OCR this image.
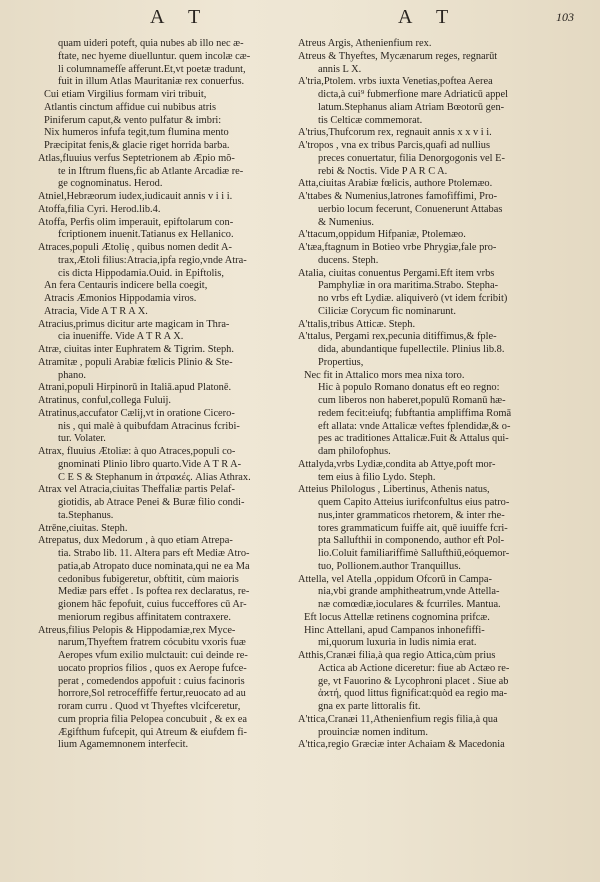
A T	A T	103
quam uideri poteft, quia nubes ab illo nec æ-
ftate, nec hyeme diuelluntur. quem incolæ cæ-
li columnamefſe afferunt.Et,vt poetæ tradunt,
fuit in illum Atlas Mauritaniæ rex conuerfus.
Cui etiam Virgilius formam viri tribuit,
Atlantis cinctum affidue cui nubibus atris
Piniferum caput,& vento pulfatur & imbri:
Nix humeros infufa tegit,tum flumina mento
Præcipitat fenis,& glacie riget horrida barba.
Atlas,fluuius verfus Septetrionem ab Æpio mõ-
te in Iftrum fluens,fic ab Atlante Arcadiæ re-
ge cognominatus. Herod.
Atniel,Hebræorum iudex,iudicauit annis v i i i.
Atoffa,filia Cyri. Herod.lib.4.
Atoffa, Perfis olim imperauit, epiftolarum con-
fcriptionem inuenit.Tatianus ex Hellanico.
Atraces,populi Ætolię , quibus nomen dedit A-
trax,Ætoli filius:Atracia,ipfa regio,vnde Atra-
cis dicta Hippodamia.Ouid. in Epiftolis,
An fera Centauris indicere bella coegit,
Atracis Æmonios Hippodamia viros.
Atracia, Vide A T R A X.
Atracius,primus dicitur arte magicam in Thra-
cia inueniffe. Vide A T R A X.
Atræ, ciuitas inter Euphratem & Tigrim. Steph.
Atramitæ , populi Arabiæ fœlicis Plinio & Ste-
phano.
Atrani,populi Hirpinorū in Italiā.apud Platonē.
Atratinus, conful,collega Fuluij.
Atratinus,accufator Cælij,vt in oratione Cicero-
nis , qui malè à quibufdam Atracinus fcribi-
tur. Volater.
Atrax, fluuius Ætoliæ: à quo Atraces,populi co-
gnominati Plinio libro quarto.Vide A T R A-
C E S & Stephanum in ἀτραϰές. Alias Athrax.
Atrax vel Atracia,ciuitas Theffaliæ partis Pelaf-
giotidis, ab Atrace Penei & Buræ filio condi-
ta.Stephanus.
Atrēne,ciuitas. Steph.
Atrepatus, dux Medorum , à quo etiam Atrepa-
tia. Strabo lib. 11. Altera pars eft Mediæ Atro-
patia,ab Atropato duce nominata,qui ne ea Ma
cedonibus fubigeretur, obftitit, cùm maioris
Mediæ pars effet . Is poftea rex declaratus, re-
gionem hāc fepofuit, cuius fucceffores cū Ar-
meniorum regibus affinitatem contraxere.
Atreus,filius Pelopis & Hippodamiæ,rex Myce-
narum,Thyeftem fratrem cócubitu vxoris fuæ
Aeropes vfum exilio mulctauit: cui deinde re-
uocato proprios filios , quos ex Aerope fufce-
perat , comedendos appofuit : cuius facinoris
horrore,Sol retroceffiffe fertur,reuocato ad au
roram curru . Quod vt Thyeftes vlcifceretur,
cum propria filia Pelopea concubuit , & ex ea
Ægifthum fufcepit, qui Atreum & eiufdem fi-
lium Agamemnonem interfecit.
Atreus Argis, Athenienfium rex.
Atreus & Thyeftes, Mycænarum reges, regnarūt
annis L X.
A'tria,Ptolem. vrbs iuxta Venetias,poftea Aerea
dicta,à cui⁹ fubmerfione mare Adriaticū appel
latum.Stephanus aliam Atriam Bœotorū gen-
tis Celticæ commemorat.
A'trius,Thufcorum rex, regnauit annis x x v i i.
A'tropos , vna ex tribus Parcis,quafi ad nullius
preces conuertatur, filia Denorgogonis vel E-
rebi & Noctis. Vide P A R C A.
Atta,ciuitas Arabiæ fœlicis, authore Ptolemæo.
A'ttabes & Numenius,latrones famofiffimi, Pro-
uerbio locum fecerunt, Conuenerunt Attabas
& Numenius.
A'ttacum,oppidum Hifpaniæ, Ptolemæo.
A'tæa,ftagnum in Botieo vrbe Phrygiæ,fale pro-
ducens. Steph.
Atalia, ciuitas conuentus Pergami.Eft item vrbs
Pamphyliæ in ora maritima.Strabo. Stepha-
no vrbs eft Lydiæ. aliquiverò (vt idem fcribit)
Ciliciæ Corycum fic nominarunt.
A'ttalis,tribus Atticæ. Steph.
A'ttalus, Pergami rex,pecunia ditiffimus,& fple-
dida, abundantique fupellectile. Plinius lib.8.
Propertius,
Nec fit in Attalico mors mea nixa toro.
Hic à populo Romano donatus eft eo regno:
cum liberos non haberet,populū Romanū hæ-
redem fecit:eiufq; fubftantia ampliffima Romā
eft allata: vnde Attalicæ veftes fplendidæ,& o-
pes ac traditiones Attalicæ.Fuit & Attalus qui-
dam philofophus.
Attalyda,vrbs Lydiæ,condita ab Attye,poft mor-
tem eius à filio Lydo. Steph.
Atteius Philologus , Libertinus, Athenis natus,
quem Capito Atteius iurifconfultus eius patro-
nus,inter grammaticos rhetorem, & inter rhe-
tores grammaticum fuiffe ait, quē iuuiffe fcri-
pta Sallufthii in componendo, author eft Pol-
lio.Coluit familiariffimè Sallufthiū,eóquemor-
tuo, Pollionem.author Tranquillus.
Attella, vel Atella ,oppidum Ofcorū in Campa-
nia,vbi grande amphitheatrum,vnde Attella-
næ comœdiæ,ioculares & fcurriles. Mantua.
Eft locus Attellæ retinens cognomina prifcæ.
Hinc Attellani, apud Campanos inhonefiffi-
mi,quorum luxuria in ludis nimia erat.
Atthis,Cranæi filia,à qua regio Attica,cùm prius
Actica ab Actione diceretur: fiue ab Actæo re-
ge, vt Fauorino & Lycophroni placet . Siue ab
ἀϰτή, quod littus fignificat:quòd ea regio ma-
gna ex parte littoralis fit.
A'ttica,Cranæi 11,Athenienfium regis filia,à qua
prouinciæ nomen inditum.
A'ttica,regio Græciæ inter Achaiam & Macedonia
